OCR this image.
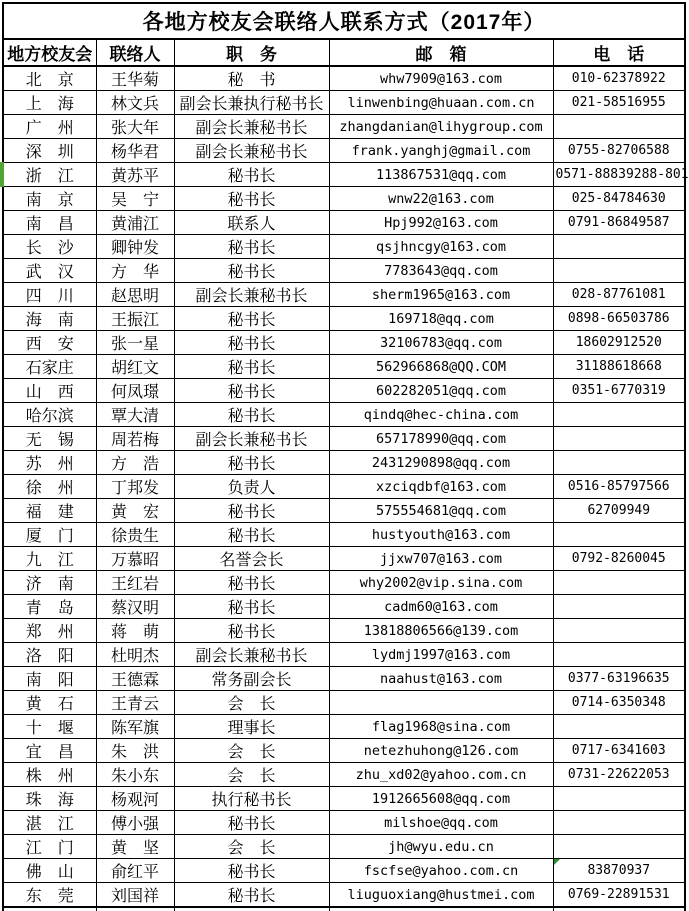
各地方校友会联络人联系方式（2017年）				
地方校友会	联络人	职　务	邮　箱	电　话
北　京	王华菊	秘　书	whw7909@163.com	010-62378922
上　海	林文兵	副会长兼执行秘书长	linwenbing@huaan.com.cn	021-58516955
广　州	张大年	副会长兼秘书长	zhangdanian@lihygroup.com	
深　圳	杨华君	副会长兼秘书长	frank.yanghj@gmail.com	0755-82706588
浙　江	黄苏平	秘书长	113867531@qq.com	0571-88839288-801
南　京	吴　宁	秘书长	wnw22@163.com	025-84784630
南　昌	黄浦江	联系人	Hpj992@163.com	0791-86849587
长　沙	卿钟发	秘书长	qsjhncgy@163.com	
武　汉	方　华	秘书长	7783643@qq.com	
四　川	赵思明	副会长兼秘书长	sherm1965@163.com	028-87761081
海　南	王振江	秘书长	169718@qq.com	0898-66503786
西　安	张一星	秘书长	32106783@qq.com	18602912520
石家庄	胡红文	秘书长	562966868@QQ.COM	31188618668
山　西	何凤璟	秘书长	602282051@qq.com	0351-6770319
哈尔滨	覃大清	秘书长	qindq@hec-china.com	
无　锡	周若梅	副会长兼秘书长	657178990@qq.com	
苏　州	方　浩	秘书长	2431290898@qq.com	
徐　州	丁邦发	负责人	xzciqdbf@163.com	0516-85797566
福　建	黄　宏	秘书长	575554681@qq.com	62709949
厦　门	徐贵生	秘书长	hustyouth@163.com	
九　江	万慕昭	名誉会长	jjxw707@163.com	0792-8260045
济　南	王红岩	秘书长	why2002@vip.sina.com	
青　岛	蔡汉明	秘书长	cadm60@163.com	
郑　州	蒋　萌	秘书长	13818806566@139.com	
洛　阳	杜明杰	副会长兼秘书长	lydmj1997@163.com	
南　阳	王德霖	常务副会长	naahust@163.com	0377-63196635
黄　石	王青云	会　长		0714-6350348
十　堰	陈军旗	理事长	flag1968@sina.com	
宜　昌	朱　洪	会　长	netezhuhong@126.com	0717-6341603
株　州	朱小东	会　长	zhu_xd02@yahoo.com.cn	0731-22622053
珠　海	杨观河	执行秘书长	1912665608@qq.com	
湛　江	傅小强	秘书长	milshoe@qq.com	
江　门	黄　坚	会　长	jh@wyu.edu.cn	
佛　山	俞红平	秘书长	fscfse@yahoo.com.cn	83870937

东　莞	刘国祥	秘书长	liuguoxiang@hustmei.com	0769-22891531
